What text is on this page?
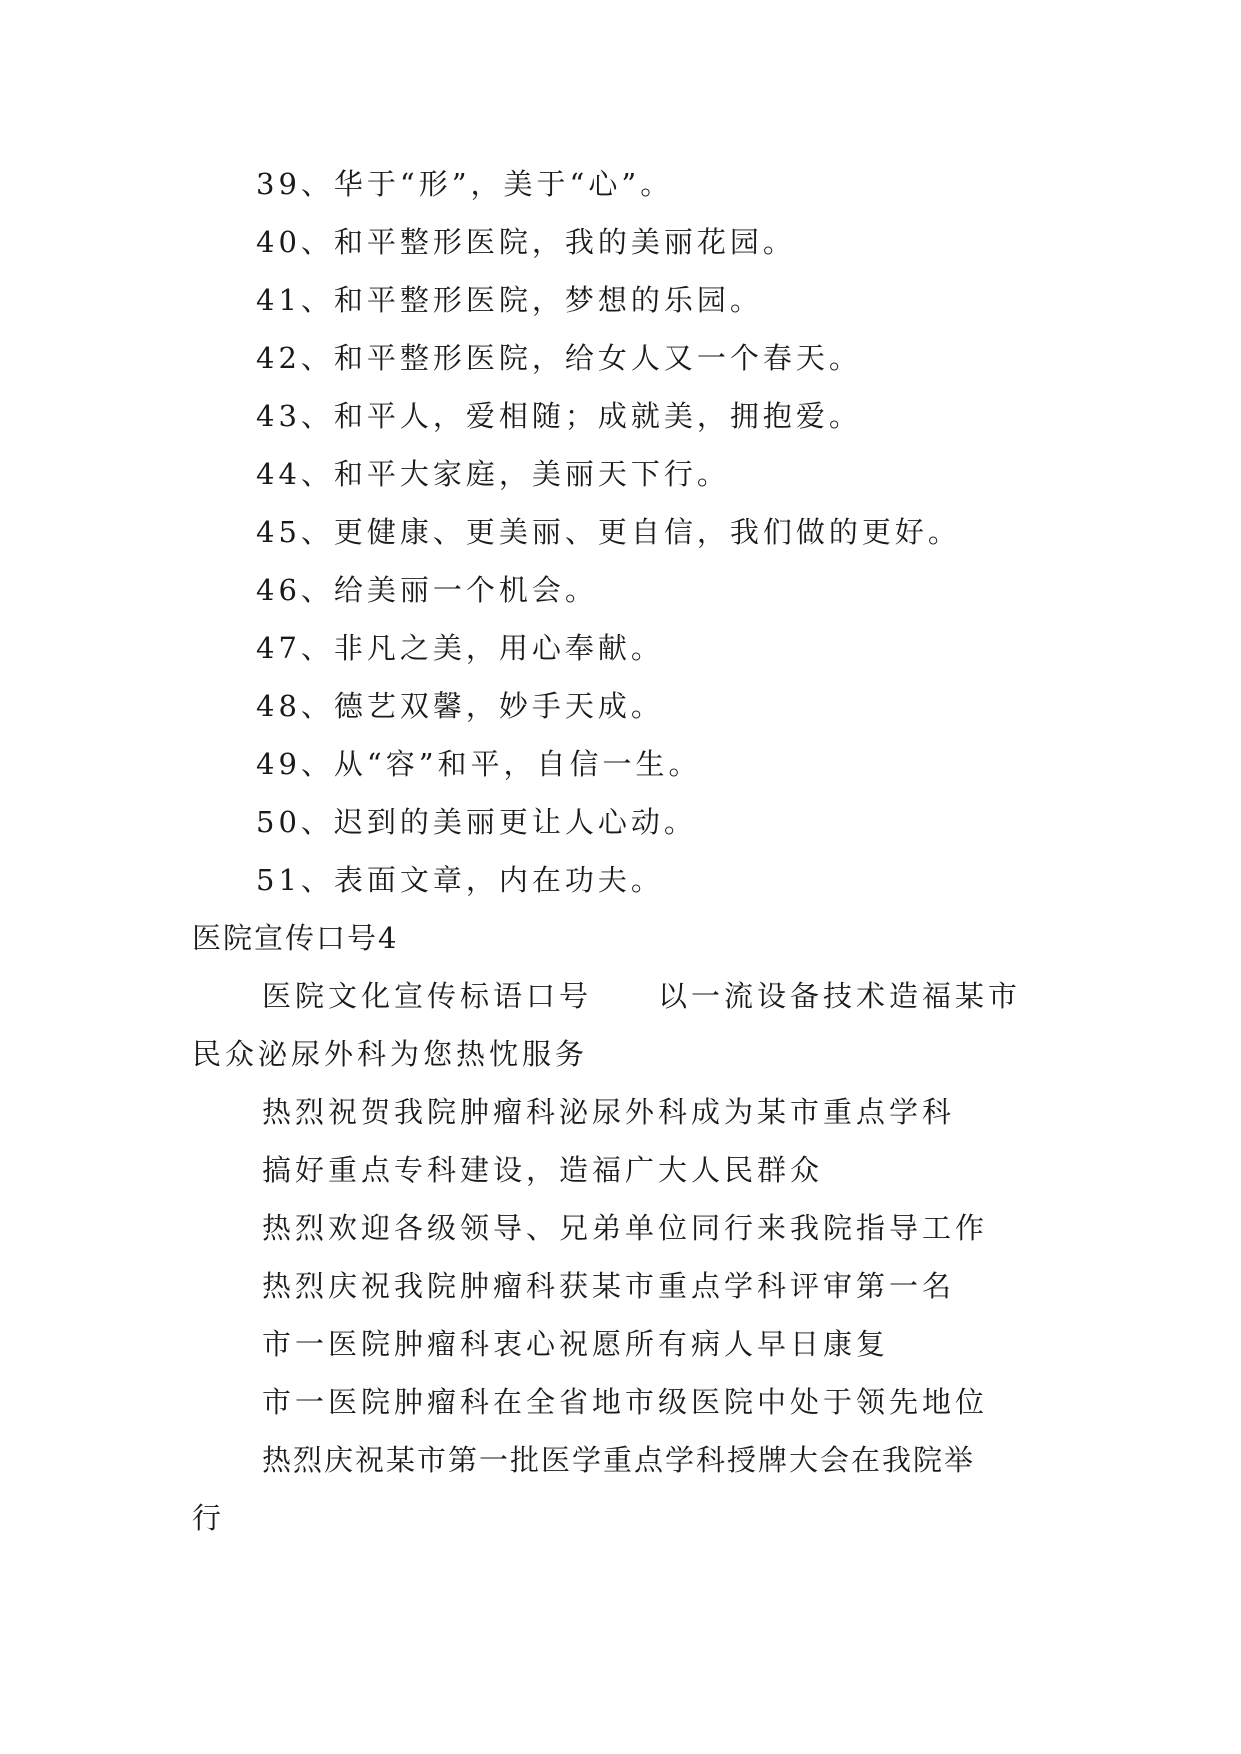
39、华于“形”，美于“心”。
40、和平整形医院，我的美丽花园。
41、和平整形医院，梦想的乐园。
42、和平整形医院，给女人又一个春天。
43、和平人，爱相随；成就美，拥抱爱。
44、和平大家庭，美丽天下行。
45、更健康、更美丽、更自信，我们做的更好。
46、给美丽一个机会。
47、非凡之美，用心奉献。
48、德艺双馨，妙手天成。
49、从“容”和平，自信一生。
50、迟到的美丽更让人心动。
51、表面文章，内在功夫。
医院宣传口号4
医院文化宣传标语口号　　以一流设备技术造福某市
民众泌尿外科为您热忱服务
热烈祝贺我院肿瘤科泌尿外科成为某市重点学科
搞好重点专科建设，造福广大人民群众
热烈欢迎各级领导、兄弟单位同行来我院指导工作
热烈庆祝我院肿瘤科获某市重点学科评审第一名
市一医院肿瘤科衷心祝愿所有病人早日康复
市一医院肿瘤科在全省地市级医院中处于领先地位
热烈庆祝某市第一批医学重点学科授牌大会在我院举
行
